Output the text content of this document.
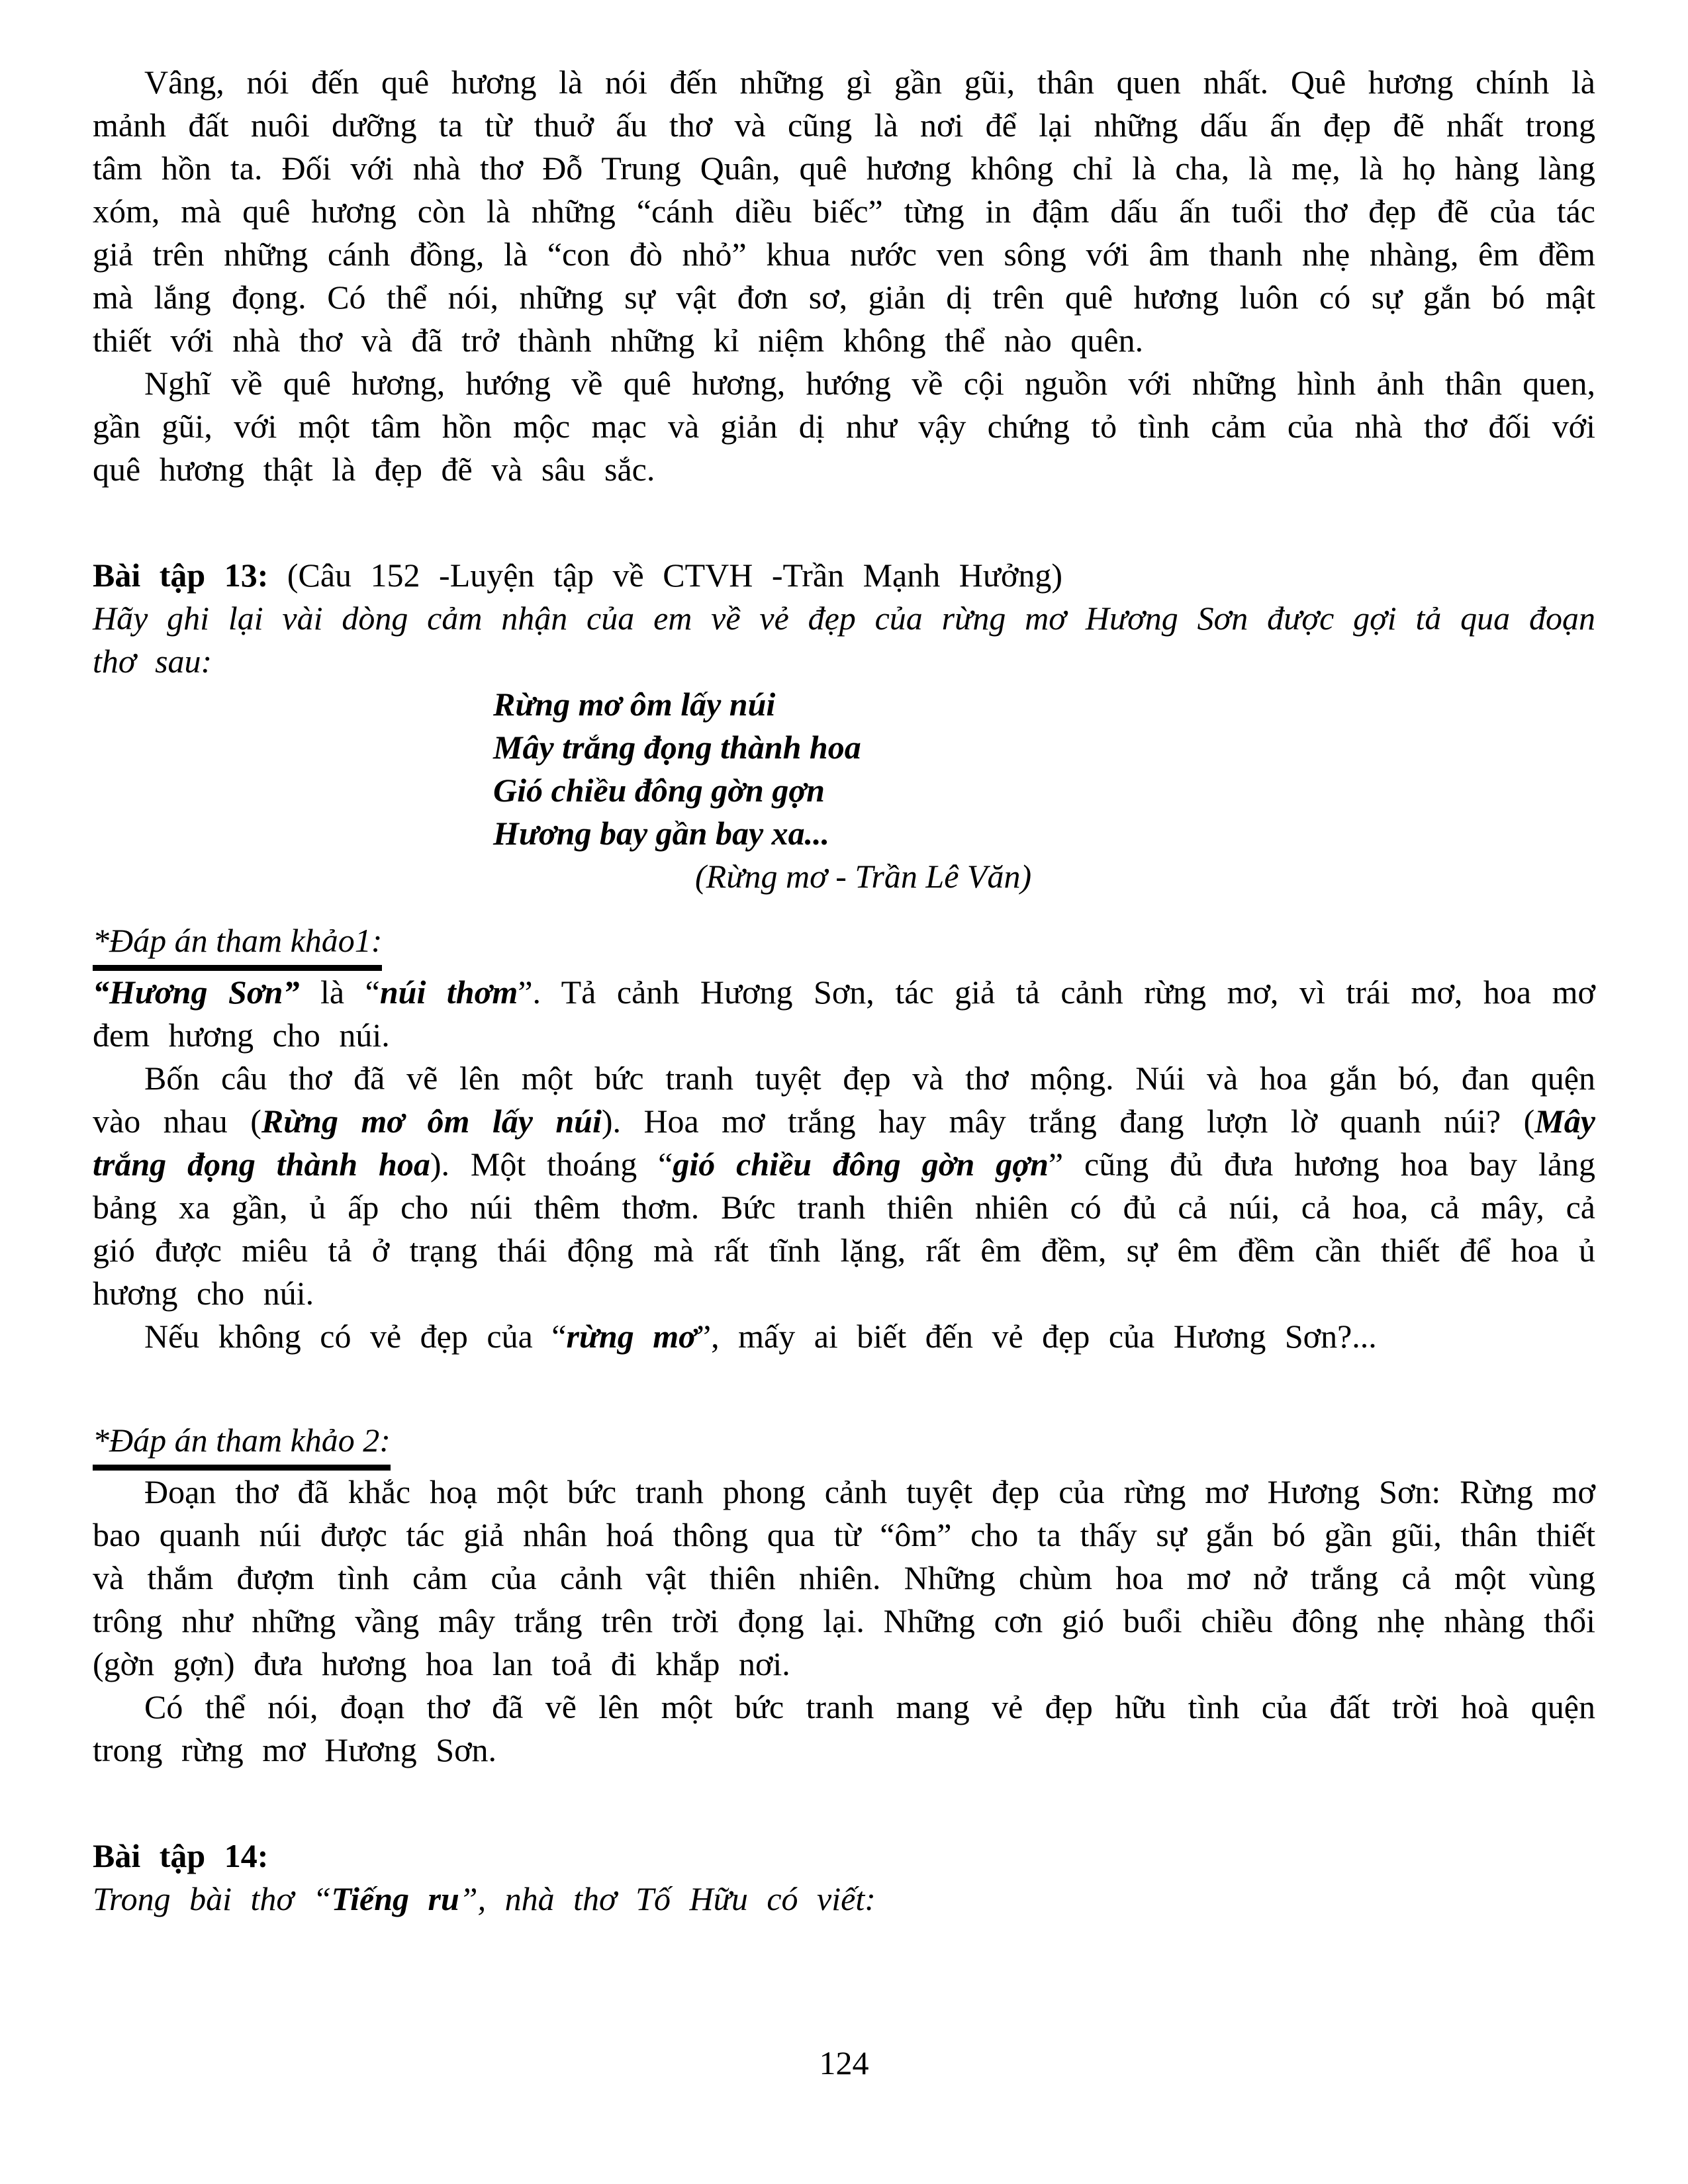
Vâng, nói đến quê hương là nói đến những gì gần gũi, thân quen nhất. Quê hương chính là mảnh đất nuôi dưỡng ta từ thuở ấu thơ và cũng là nơi để lại những dấu ấn đẹp đẽ nhất trong tâm hồn ta. Đối với nhà thơ Đỗ Trung Quân, quê hương không chỉ là cha, là mẹ, là họ hàng làng xóm, mà quê hương còn là những “cánh diều biếc” từng in đậm dấu ấn tuổi thơ đẹp đẽ của tác giả trên những cánh đồng, là “con đò nhỏ” khua nước ven sông với âm thanh nhẹ nhàng, êm đềm mà lắng đọng. Có thể nói, những sự vật đơn sơ, giản dị trên quê hương luôn có sự gắn bó mật thiết với nhà thơ và đã trở thành những kỉ niệm không thể nào quên.

Nghĩ về quê hương, hướng về quê hương, hướng về cội nguồn với những hình ảnh thân quen, gần gũi, với một tâm hồn mộc mạc và giản dị như vậy chứng tỏ tình cảm của nhà thơ đối với quê hương thật là đẹp đẽ và sâu sắc.

Bài tập 13: (Câu 152 -Luyện tập về CTVH -Trần Mạnh Hưởng)

Hãy ghi lại vài dòng cảm nhận của em về vẻ đẹp của rừng mơ Hương Sơn được gợi tả qua đoạn thơ sau:

Rừng mơ ôm lấy núi
Mây trắng đọng thành hoa
Gió chiều đông gờn gợn
Hương bay gần bay xa...
(Rừng mơ - Trần Lê Văn)
*Đáp án tham khảo1:

“Hương Sơn” là “núi thơm”. Tả cảnh Hương Sơn, tác giả tả cảnh rừng mơ, vì trái mơ, hoa mơ đem hương cho núi.

Bốn câu thơ đã vẽ lên một bức tranh tuyệt đẹp và thơ mộng. Núi và hoa gắn bó, đan quện vào nhau (Rừng mơ ôm lấy núi). Hoa mơ trắng hay mây trắng đang lượn lờ quanh núi? (Mây trắng đọng thành hoa). Một thoáng “gió chiều đông gờn gợn” cũng đủ đưa hương hoa bay lảng bảng xa gần, ủ ấp cho núi thêm thơm. Bức tranh thiên nhiên có đủ cả núi, cả hoa, cả mây, cả gió được miêu tả ở trạng thái động mà rất tĩnh lặng, rất êm đềm, sự êm đềm cần thiết để hoa ủ hương cho núi.

Nếu không có vẻ đẹp của “rừng mơ”, mấy ai biết đến vẻ đẹp của Hương Sơn?...

*Đáp án tham khảo 2:

Đoạn thơ đã khắc hoạ một bức tranh phong cảnh tuyệt đẹp của rừng mơ Hương Sơn: Rừng mơ bao quanh núi được tác giả nhân hoá thông qua từ “ôm” cho ta thấy sự gắn bó gần gũi, thân thiết và thắm đượm tình cảm của cảnh vật thiên nhiên. Những chùm hoa mơ nở trắng cả một vùng trông như những vầng mây trắng trên trời đọng lại. Những cơn gió buổi chiều đông nhẹ nhàng thổi (gờn gợn) đưa hương hoa lan toả đi khắp nơi.

Có thể nói, đoạn thơ đã vẽ lên một bức tranh mang vẻ đẹp hữu tình của đất trời hoà quện trong rừng mơ Hương Sơn.

Bài tập 14:

Trong bài thơ “Tiếng ru”, nhà thơ Tố Hữu có viết:

124
